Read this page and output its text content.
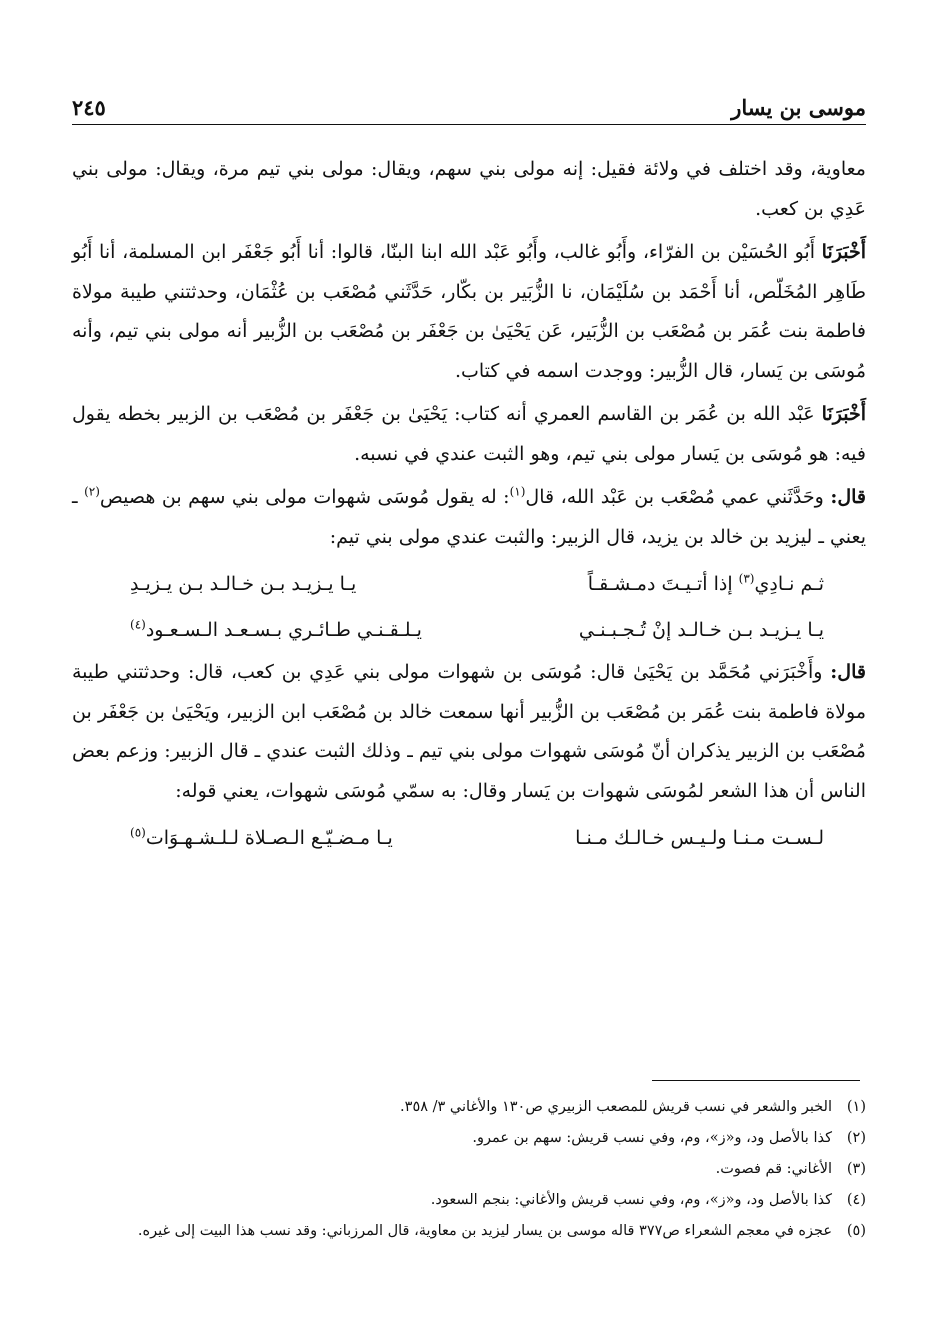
موسى بن يسار
٢٤٥

معاوية، وقد اختلف في ولائة فقيل: إنه مولى بني سهم، ويقال: مولى بني تيم مرة، ويقال: مولى بني عَدِي بن كعب.

أَخْبَرَنَا أَبُو الحُسَيْن بن الفرّاء، وأَبُو غالب، وأَبُو عَبْد الله ابنا البنّا، قالوا: أنا أَبُو جَعْفَر ابن المسلمة، أنا أَبُو طَاهِر المُخَلّص، أنا أَحْمَد بن سُلَيْمَان، نا الزُّبَير بن بكّار، حَدَّثَني مُصْعَب بن عُثْمَان، وحدثتني طيبة مولاة فاطمة بنت عُمَر بن مُصْعَب بن الزُّبَير، عَن يَحْيَىٰ بن جَعْفَر بن مُصْعَب بن الزُّبير أنه مولى بني تيم، وأنه مُوسَى بن يَسار، قال الزُّبير: ووجدت اسمه في كتاب.

أَخْبَرَنَا عَبْد الله بن عُمَر بن القاسم العمري أنه كتاب: يَحْيَىٰ بن جَعْفَر بن مُصْعَب بن الزبير بخطه يقول فيه: هو مُوسَى بن يَسار مولى بني تيم، وهو الثبت عندي في نسبه.

قال: وحَدَّثَني عمي مُصْعَب بن عَبْد الله، قال$^{(١)}$: له يقول مُوسَى شهوات مولى بني سهم بن هصيص$^{(٢)}$ ـ يعني ـ ليزيد بن خالد بن يزيد، قال الزبير: والثبت عندي مولى بني تيم:

ثـم نـادِي$^{(٣)}$ إذا أتـيـتَ دمـشـقـاً
يـا يـزيـد بـن خـالـد بـن يـزيـدِ
يـا يـزيـد بـن خـالـد إنْ تُـجـبـنـي
يـلـقـنـي طـائـري بـسـعـد الـسـعـود$^{(٤)}$

قال: وأَخْبَرَني مُحَمَّد بن يَحْيَىٰ قال: مُوسَى بن شهوات مولى بني عَدِي بن كعب، قال: وحدثتني طيبة مولاة فاطمة بنت عُمَر بن مُصْعَب بن الزُّبير أنها سمعت خالد بن مُصْعَب ابن الزبير، ويَحْيَىٰ بن جَعْفَر بن مُصْعَب بن الزبير يذكران أنّ مُوسَى شهوات مولى بني تيم ـ وذلك الثبت عندي ـ قال الزبير: وزعم بعض الناس أن هذا الشعر لمُوسَى شهوات بن يَسار وقال: به سمّي مُوسَى شهوات، يعني قوله:

لـسـت مـنـا ولـيـس خـالـك مـنـا
يـا مـضـيّـع الـصـلاة لـلـشـهـوَات$^{(٥)}$
(١)
الخبر والشعر في نسب قريش للمصعب الزبيري ص١٣٠ والأغاني ٣/ ٣٥٨.
(٢)
كذا بالأصل ود، و«ز»، وم، وفي نسب قريش: سهم بن عمرو.
(٣)
الأغاني: قم فصوت.
(٤)
كذا بالأصل ود، و«ز»، وم، وفي نسب قريش والأغاني: بنجم السعود.
(٥)
عجزه في معجم الشعراء ص٣٧٧ قاله موسى بن يسار ليزيد بن معاوية، قال المرزباني: وقد نسب هذا البيت إلى غيره.
